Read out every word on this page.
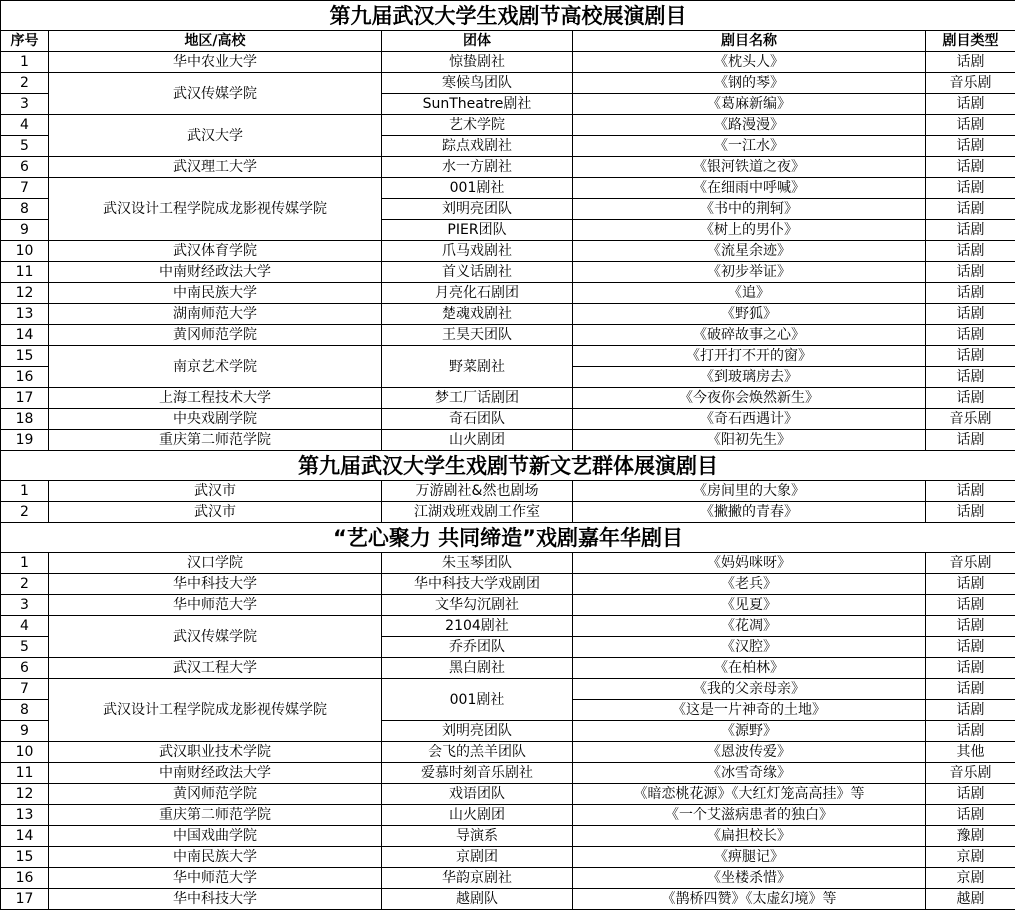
第九届武汉大学生戏剧节高校展演剧目				
序号	地区/高校	团体	剧目名称	剧目类型
1	华中农业大学	惊蛰剧社	《枕头人》	话剧
2	武汉传媒学院	寒候鸟团队	《钢的琴》	音乐剧
3		SunTheatre剧社	《葛麻新编》	话剧
4	武汉大学	艺术学院	《路漫漫》	话剧
5		踪点戏剧社	《一江水》	话剧
6	武汉理工大学	水一方剧社	《银河铁道之夜》	话剧
7	武汉设计工程学院成龙影视传媒学院	001剧社	《在细雨中呼喊》	话剧
8		刘明亮团队	《书中的荆轲》	话剧
9		PIER团队	《树上的男仆》	话剧
10	武汉体育学院	爪马戏剧社	《流星余迹》	话剧
11	中南财经政法大学	首义话剧社	《初步举证》	话剧
12	中南民族大学	月亮化石剧团	《追》	话剧
13	湖南师范大学	楚魂戏剧社	《野狐》	话剧
14	黄冈师范学院	王昊天团队	《破碎故事之心》	话剧
15	南京艺术学院	野菜剧社	《打开打不开的窗》	话剧
16			《到玻璃房去》	话剧
17	上海工程技术大学	梦工厂话剧团	《今夜你会焕然新生》	话剧
18	中央戏剧学院	奇石团队	《奇石西遇计》	音乐剧
19	重庆第二师范学院	山火剧团	《阳初先生》	话剧
第九届武汉大学生戏剧节新文艺群体展演剧目				
1	武汉市	万游剧社&然也剧场	《房间里的大象》	话剧
2	武汉市	江湖戏班戏剧工作室	《撇撇的青春》	话剧
“艺心聚力 共同缔造”戏剧嘉年华剧目				
1	汉口学院	朱玉琴团队	《妈妈咪呀》	音乐剧
2	华中科技大学	华中科技大学戏剧团	《老兵》	话剧
3	华中师范大学	文华勾沉剧社	《见夏》	话剧
4	武汉传媒学院	2104剧社	《花凋》	话剧
5		乔乔团队	《汉腔》	话剧
6	武汉工程大学	黑白剧社	《在柏林》	话剧
7	武汉设计工程学院成龙影视传媒学院	001剧社	《我的父亲母亲》	话剧
8			《这是一片神奇的土地》	话剧
9		刘明亮团队	《源野》	话剧
10	武汉职业技术学院	会飞的羔羊团队	《恩波传爱》	其他
11	中南财经政法大学	爱慕时刻音乐剧社	《冰雪奇缘》	音乐剧
12	黄冈师范学院	戏语团队	《暗恋桃花源》《大红灯笼高高挂》等	话剧
13	重庆第二师范学院	山火剧团	《一个艾滋病患者的独白》	话剧
14	中国戏曲学院	导演系	《扁担校长》	豫剧
15	中南民族大学	京剧团	《痹腿记》	京剧
16	华中师范大学	华韵京剧社	《坐楼杀惜》	京剧
17	华中科技大学	越剧队	《鹊桥四赞》《太虚幻境》等	越剧
